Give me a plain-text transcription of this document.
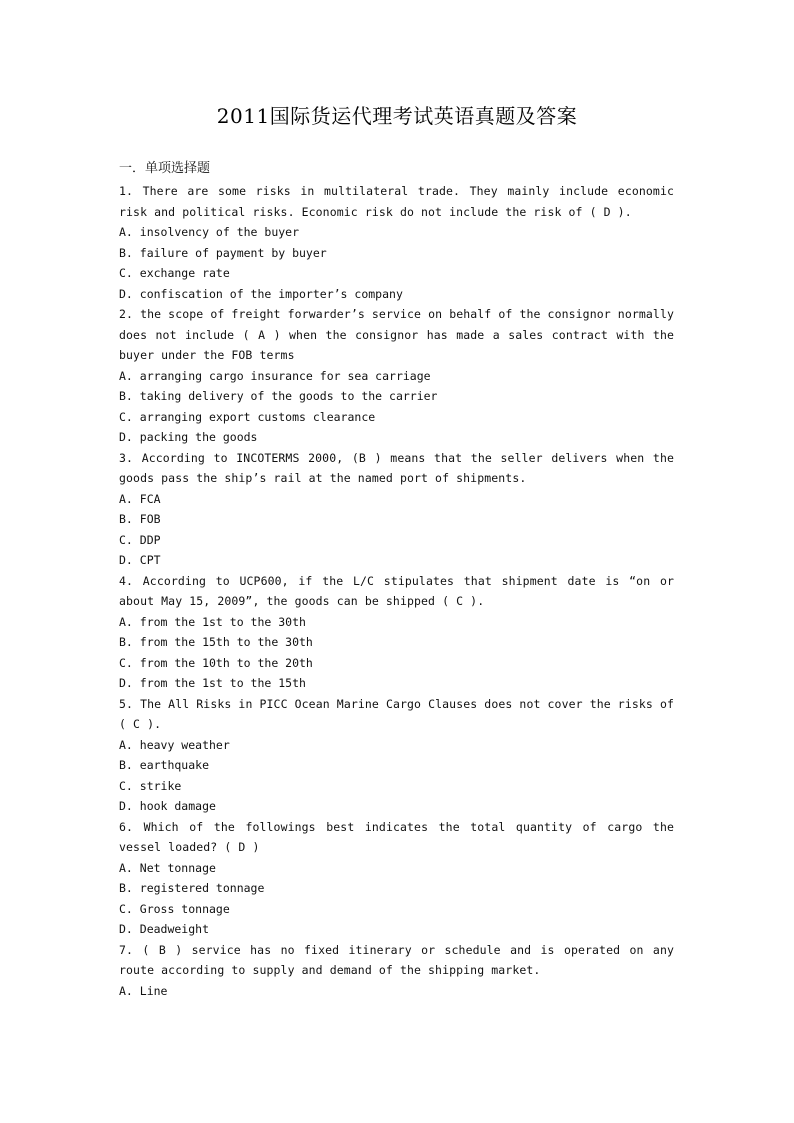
2011国际货运代理考试英语真题及答案
一．单项选择题
1. There are some risks in multilateral trade. They mainly include economic risk and political risks. Economic risk do not include the risk of ( D ).
A. insolvency of the buyer
B. failure of payment by buyer
C. exchange rate
D. confiscation of the importer’s company
2. the scope of freight forwarder’s service on behalf of the consignor normally does not include ( A ) when the consignor has made a sales contract with the buyer under the FOB terms
A. arranging cargo insurance for sea carriage
B. taking delivery of the goods to the carrier
C. arranging export customs clearance
D. packing the goods
3. According to INCOTERMS 2000, (B ) means that the seller delivers when the goods pass the ship’s rail at the named port of shipments.
A. FCA
B. FOB
C. DDP
D. CPT
4. According to UCP600, if the L/C stipulates that shipment date is “on or about May 15, 2009”, the goods can be shipped ( C ).
A. from the 1st to the 30th
B. from the 15th to the 30th
C. from the 10th to the 20th
D. from the 1st to the 15th
5. The All Risks in PICC Ocean Marine Cargo Clauses does not cover the risks of ( C ).
A. heavy weather
B. earthquake
C. strike
D. hook damage
6. Which of the followings best indicates the total quantity of cargo the vessel loaded? ( D )
A. Net tonnage
B. registered tonnage
C. Gross tonnage
D. Deadweight
7. ( B ) service has no fixed itinerary or schedule and is operated on any route according to supply and demand of the shipping market.
A. Line
